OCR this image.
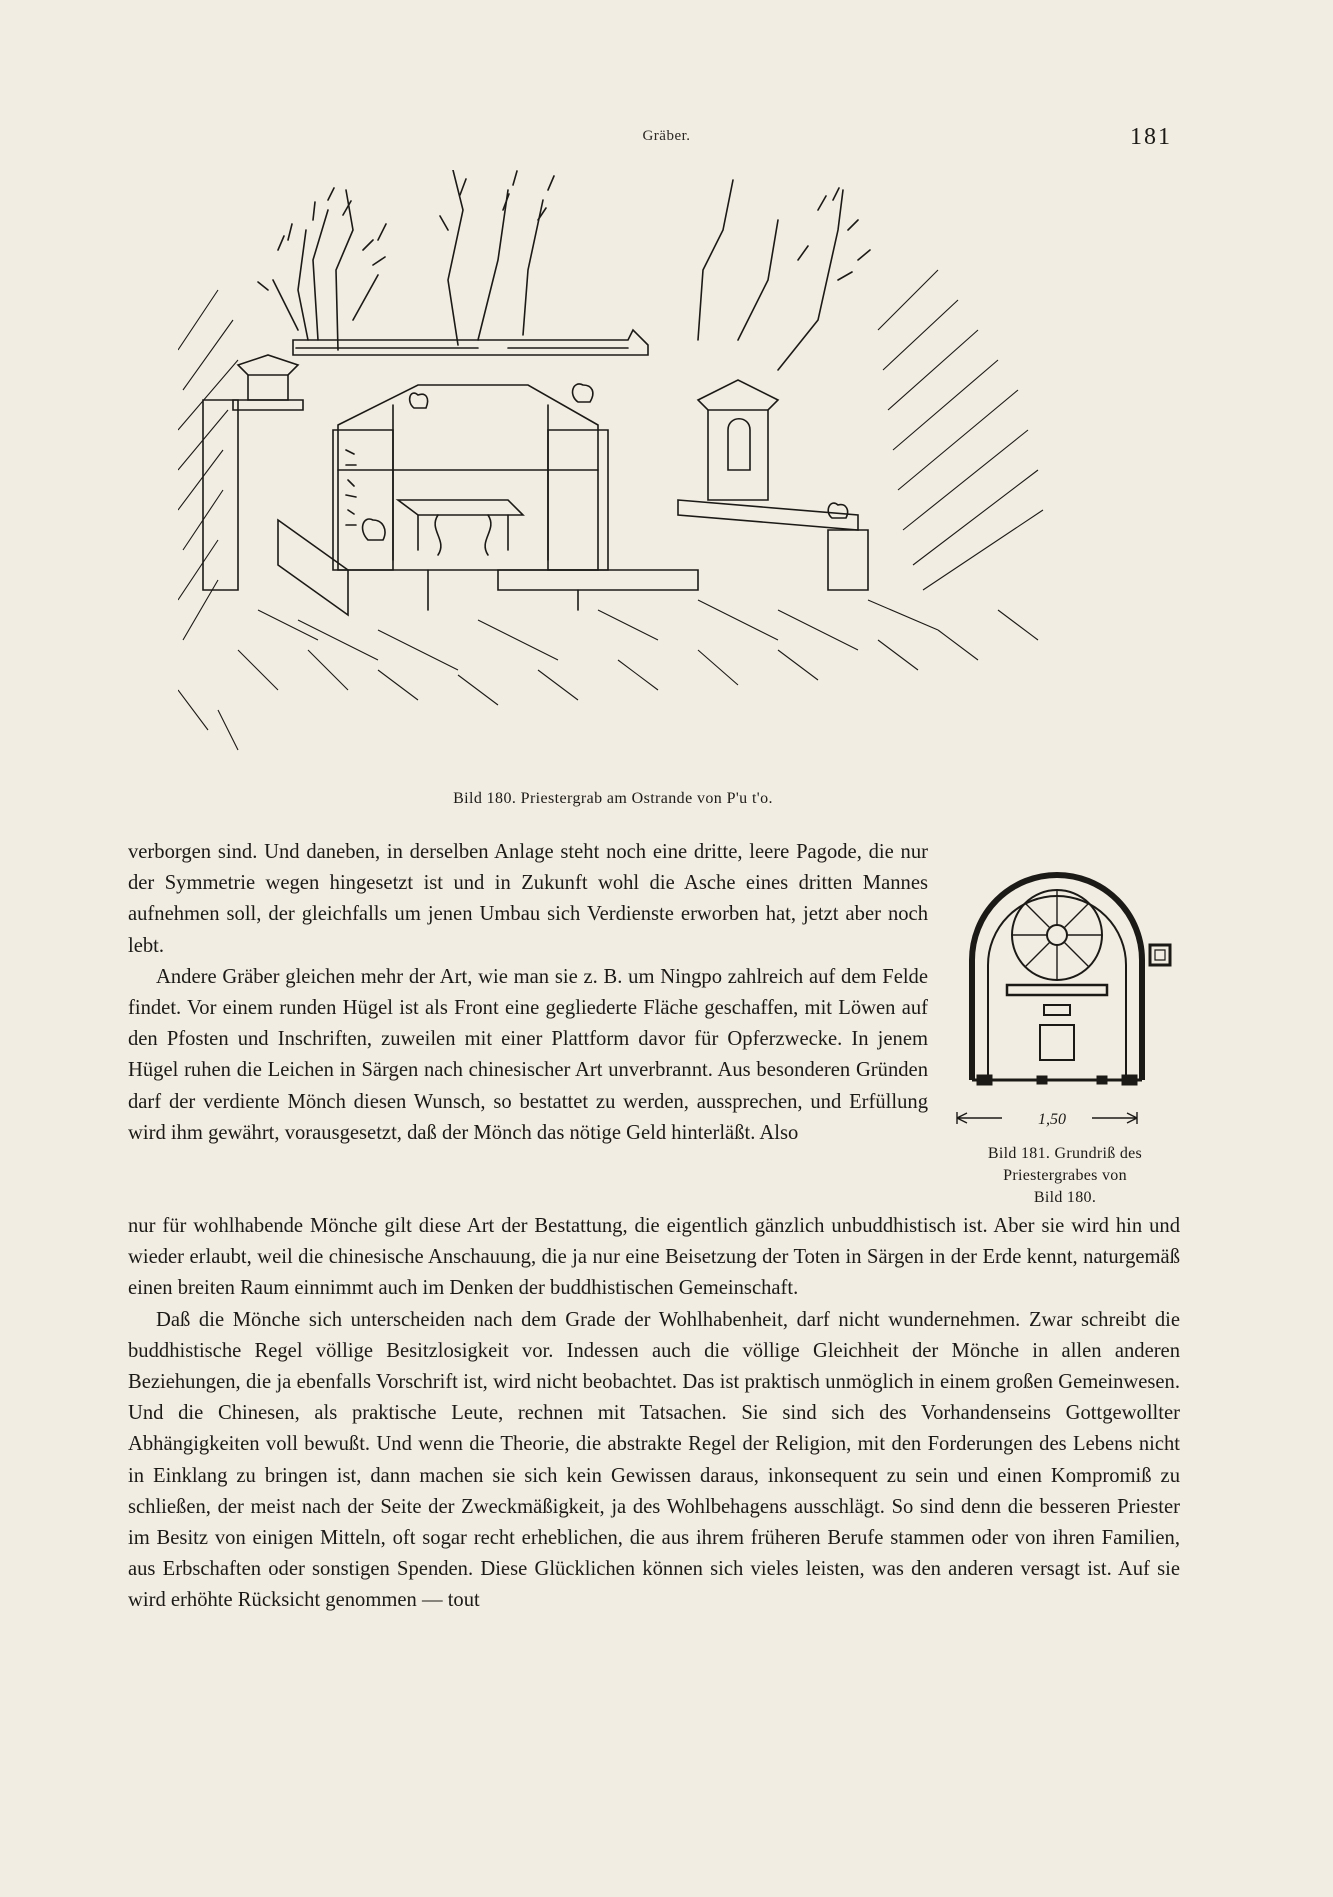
Gräber.	181
Bild 180. Priestergrab am Ostrande von P'u t'o.

verborgen sind. Und daneben, in derselben Anlage steht noch eine dritte, leere Pagode, die nur der Symmetrie wegen hingesetzt ist und in Zukunft wohl die Asche eines dritten Mannes aufnehmen soll, der gleichfalls um jenen Umbau sich Verdienste erworben hat, jetzt aber noch lebt.

Andere Gräber gleichen mehr der Art, wie man sie z. B. um Ningpo zahlreich auf dem Felde findet. Vor einem runden Hügel ist als Front eine gegliederte Fläche geschaffen, mit Löwen auf den Pfosten und Inschriften, zuweilen mit einer Plattform davor für Opferzwecke. In jenem Hügel ruhen die Leichen in Särgen nach chinesischer Art unverbrannt. Aus besonderen Gründen darf der verdiente Mönch diesen Wunsch, so bestattet zu werden, aussprechen, und Erfüllung wird ihm gewährt, vorausgesetzt, daß der Mönch das nötige Geld hinterläßt. Also

1,50
Bild 181. Grundriß des
Priestergrabes von
Bild 180.

nur für wohlhabende Mönche gilt diese Art der Bestattung, die eigentlich gänzlich unbuddhistisch ist. Aber sie wird hin und wieder erlaubt, weil die chinesische Anschauung, die ja nur eine Beisetzung der Toten in Särgen in der Erde kennt, naturgemäß einen breiten Raum einnimmt auch im Denken der buddhistischen Gemeinschaft.

Daß die Mönche sich unterscheiden nach dem Grade der Wohlhabenheit, darf nicht wundernehmen. Zwar schreibt die buddhistische Regel völlige Besitzlosigkeit vor. Indessen auch die völlige Gleichheit der Mönche in allen anderen Beziehungen, die ja ebenfalls Vorschrift ist, wird nicht beobachtet. Das ist praktisch unmöglich in einem großen Gemeinwesen. Und die Chinesen, als praktische Leute, rechnen mit Tatsachen. Sie sind sich des Vorhandenseins Gottgewollter Abhängigkeiten voll bewußt. Und wenn die Theorie, die abstrakte Regel der Religion, mit den Forderungen des Lebens nicht in Einklang zu bringen ist, dann machen sie sich kein Gewissen daraus, inkonsequent zu sein und einen Kompromiß zu schließen, der meist nach der Seite der Zweckmäßigkeit, ja des Wohlbehagens ausschlägt. So sind denn die besseren Priester im Besitz von einigen Mitteln, oft sogar recht erheblichen, die aus ihrem früheren Berufe stammen oder von ihren Familien, aus Erbschaften oder sonstigen Spenden. Diese Glücklichen können sich vieles leisten, was den anderen versagt ist. Auf sie wird erhöhte Rücksicht genommen — tout
